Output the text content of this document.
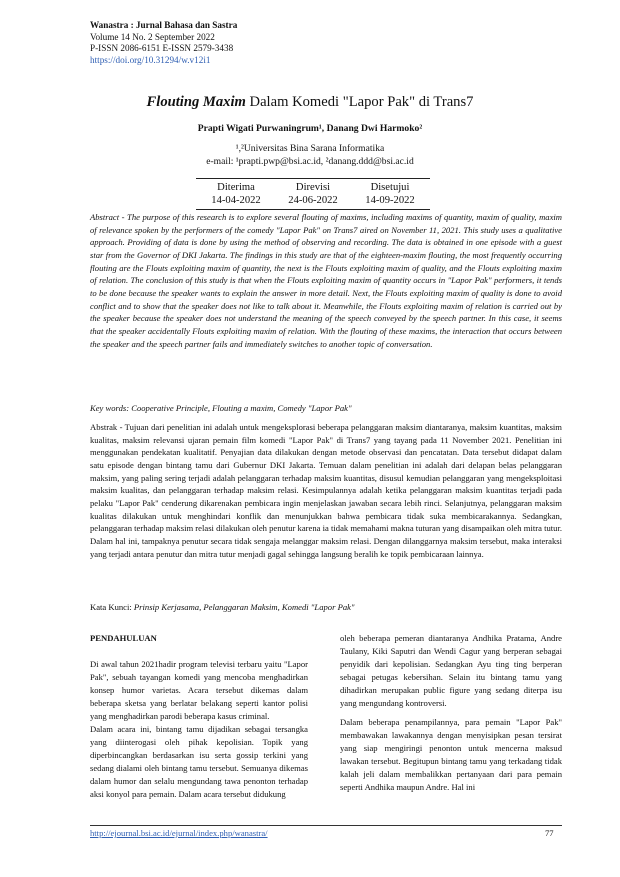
Wanastra : Jurnal Bahasa dan Sastra
Volume 14 No. 2 September 2022
P-ISSN 2086-6151 E-ISSN 2579-3438
https://doi.org/10.31294/w.v12i1
Flouting Maxim Dalam Komedi "Lapor Pak" di Trans7
Prapti Wigati Purwaningrum¹, Danang Dwi Harmoko²
¹,²Universitas Bina Sarana Informatika
e-mail: ¹prapti.pwp@bsi.ac.id, ²danang.ddd@bsi.ac.id
Diterima
14-04-2022
Direvisi
24-06-2022
Disetujui
14-09-2022
Abstract - The purpose of this research is to explore several flouting of maxims, including maxims of quantity, maxim of quality, maxim of relevance spoken by the performers of the comedy "Lapor Pak" on Trans7 aired on November 11, 2021. This study uses a qualitative approach. Providing of data is done by using the method of observing and recording. The data is obtained in one episode with a guest star from the Governor of DKI Jakarta. The findings in this study are that of the eighteen-maxim flouting, the most frequently occurring flouting are the Flouts exploiting maxim of quantity, the next is the Flouts exploiting maxim of quality, and the Flouts exploiting maxim of relation. The conclusion of this study is that when the Flouts exploiting maxim of quantity occurs in "Lapor Pak" performers, it tends to be done because the speaker wants to explain the answer in more detail. Next, the Flouts exploiting maxim of quality is done to avoid conflict and to show that the speaker does not like to talk about it. Meanwhile, the Flouts exploiting maxim of relation is carried out by the speaker because the speaker does not understand the meaning of the speech conveyed by the speech partner. In this case, it seems that the speaker accidentally Flouts exploiting maxim of relation. With the flouting of these maxims, the interaction that occurs between the speaker and the speech partner fails and immediately switches to another topic of conversation.
Key words: Cooperative Principle, Flouting a maxim, Comedy "Lapor Pak"
Abstrak - Tujuan dari penelitian ini adalah untuk mengeksplorasi beberapa pelanggaran maksim diantaranya, maksim kuantitas, maksim kualitas, maksim relevansi ujaran pemain film komedi "Lapor Pak" di Trans7 yang tayang pada 11 November 2021. Penelitian ini menggunakan pendekatan kualitatif. Penyajian data dilakukan dengan metode observasi dan pencatatan. Data tersebut didapat dalam satu episode dengan bintang tamu dari Gubernur DKI Jakarta. Temuan dalam penelitian ini adalah dari delapan belas pelanggaran maksim, yang paling sering terjadi adalah pelanggaran terhadap maksim kuantitas, disusul kemudian pelanggaran yang mengeksploitasi maksim kualitas, dan pelanggaran terhadap maksim relasi. Kesimpulannya adalah ketika pelanggaran maksim kuantitas terjadi pada pelaku "Lapor Pak" cenderung dikarenakan pembicara ingin menjelaskan jawaban secara lebih rinci. Selanjutnya, pelanggaran maksim kualitas dilakukan untuk menghindari konflik dan menunjukkan bahwa pembicara tidak suka membicarakannya. Sedangkan, pelanggaran terhadap maksim relasi dilakukan oleh penutur karena ia tidak memahami makna tuturan yang disampaikan oleh mitra tutur. Dalam hal ini, tampaknya penutur secara tidak sengaja melanggar maksim relasi. Dengan dilanggarnya maksim tersebut, maka interaksi yang terjadi antara penutur dan mitra tutur menjadi gagal sehingga langsung beralih ke topik pembicaraan lainnya.
Kata Kunci: Prinsip Kerjasama, Pelanggaran Maksim, Komedi "Lapor Pak"
PENDAHULUAN

Di awal tahun 2021hadir program televisi terbaru yaitu "Lapor Pak", sebuah tayangan komedi yang mencoba menghadirkan konsep humor varietas. Acara tersebut dikemas dalam beberapa sketsa yang berlatar belakang seperti kantor polisi yang menghadirkan parodi beberapa kasus criminal.

Dalam acara ini, bintang tamu dijadikan sebagai tersangka yang diinterogasi oleh pihak kepolisian. Topik yang diperbincangkan berdasarkan isu serta gossip terkini yang sedang dialami oleh bintang tamu tersebut. Semuanya dikemas dalam humor dan selalu mengundang tawa penonton terhadap aksi konyol para pemain. Dalam acara tersebut didukung

oleh beberapa pemeran diantaranya Andhika Pratama, Andre Taulany, Kiki Saputri dan Wendi Cagur yang berperan sebagai penyidik dari kepolisian. Sedangkan Ayu ting ting berperan sebagai petugas kebersihan. Selain itu bintang tamu yang dihadirkan merupakan public figure yang sedang diterpa isu yang mengundang kontroversi.

Dalam beberapa penampilannya, para pemain "Lapor Pak" membawakan lawakannya dengan menyisipkan pesan tersirat yang siap mengiringi penonton untuk mencerna maksud lawakan tersebut. Begitupun bintang tamu yang terkadang tidak kalah jeli dalam membalikkan pertanyaan dari para pemain seperti Andhika maupun Andre. Hal ini

http://ejournal.bsi.ac.id/ejurnal/index.php/wanastra/	77
